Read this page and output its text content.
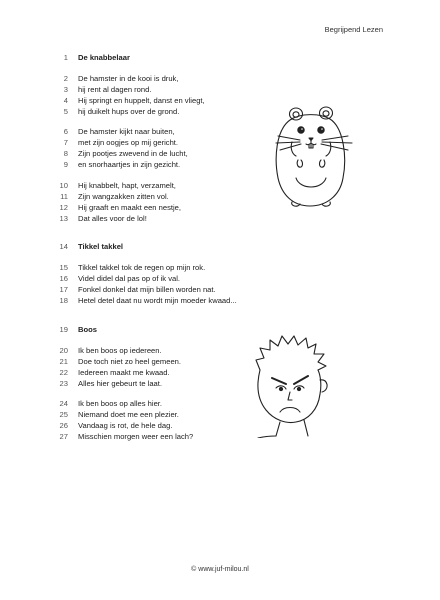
Begrijpend Lezen
1 De knabbelaar
2 De hamster in de kooi is druk,
3 hij rent al dagen rond.
4 Hij springt en huppelt, danst en vliegt,
5 hij duikelt hups over de grond.
6 De hamster kijkt naar buiten,
7 met zijn oogjes op mij gericht.
8 Zijn pootjes zwevend in de lucht,
9 en snorhaartjes in zijn gezicht.
10 Hij knabbelt, hapt, verzamelt,
11 Zijn wangzakken zitten vol.
12 Hij graaft en maakt een nestje,
13 Dat alles voor de lol!
14 Tikkel takkel
15 Tikkel takkel tok de regen op mijn rok.
16 Videl didel dal pas op of ik val.
17 Fonkel donkel dat mijn billen worden nat.
18 Hetel detel daat nu wordt mijn moeder kwaad...
19 Boos
20 Ik ben boos op iedereen.
21 Doe toch niet zo heel gemeen.
22 Iedereen maakt me kwaad.
23 Alles hier gebeurt te laat.
24 Ik ben boos op alles hier.
25 Niemand doet me een plezier.
26 Vandaag is rot, de hele dag.
27 Misschien morgen weer een lach?
© www.juf-milou.nl
